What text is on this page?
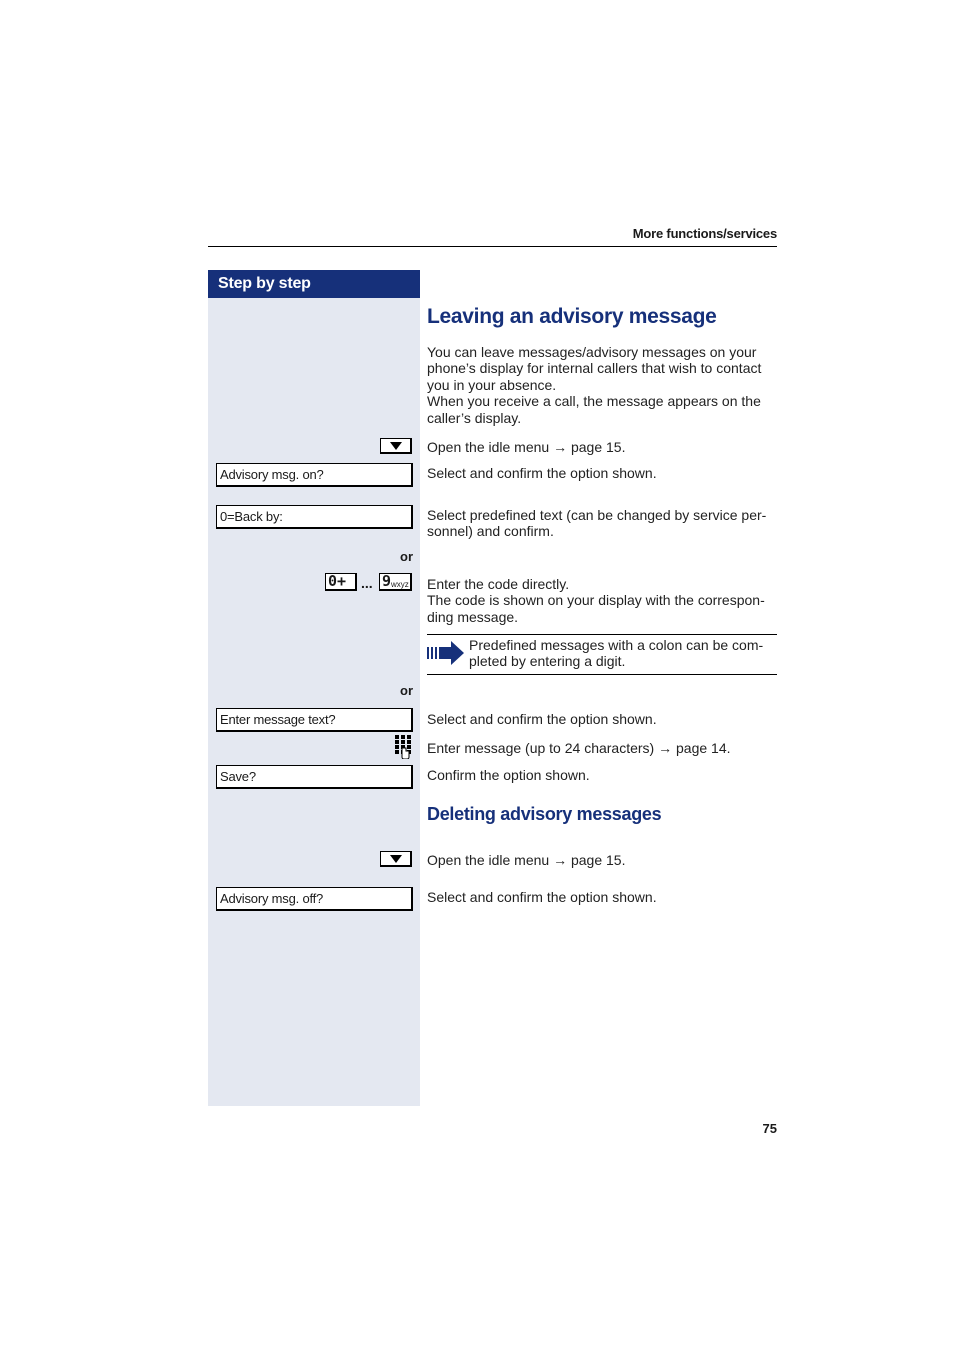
More functions/services
Step by step
Leaving an advisory message
You can leave messages/advisory messages on your
phone’s display for internal callers that wish to contact
you in your absence.
When you receive a call, the message appears on the
caller’s display.
Open the idle menu → page 15.
Advisory msg. on?	Select and confirm the option shown.
0=Back by:	Select predefined text (can be changed by service per-
sonnel) and confirm.
or
0+ ... 9 wxyz Enter the code directly.
The code is shown on your display with the correspon-
ding message.
Predefined messages with a colon can be com-
pleted by entering a digit.
or
Enter message text?	Select and confirm the option shown.
Enter message (up to 24 characters) → page 14.
Save?	Confirm the option shown.
Deleting advisory messages
Open the idle menu → page 15.
Advisory msg. off?	Select and confirm the option shown.
75
